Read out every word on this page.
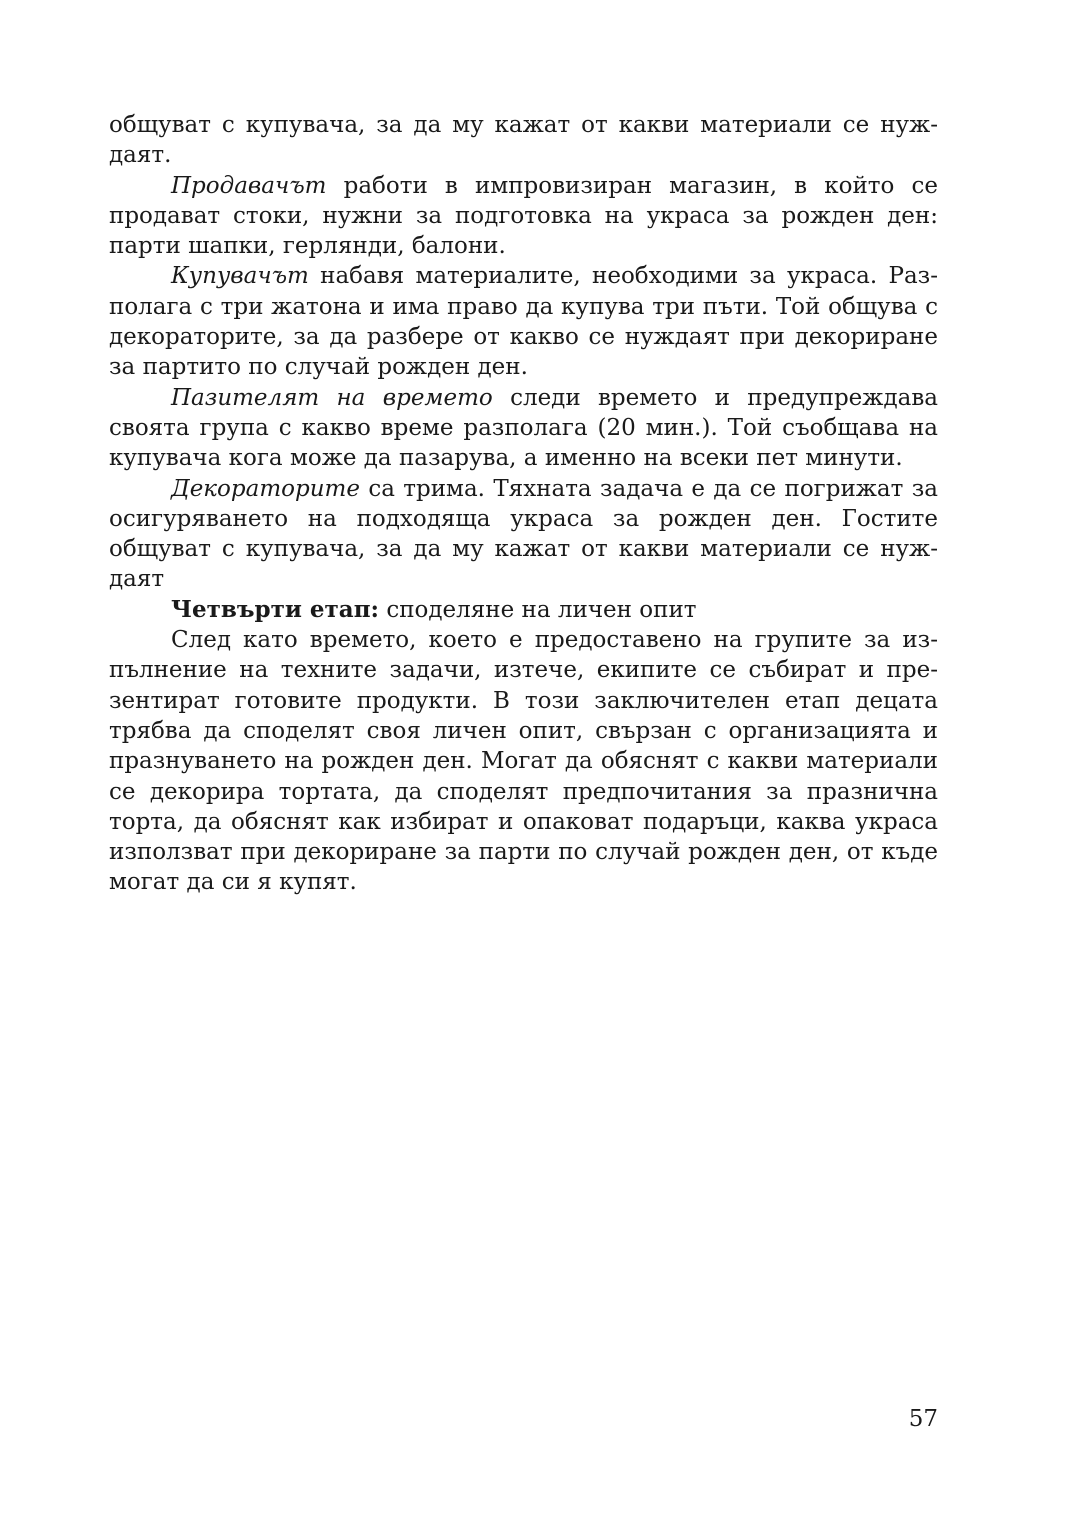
общуват с купувача, за да му кажат от какви материали се нуждаят.

Продавачът работи в импровизиран магазин, в който се продават стоки, нужни за подготовка на украса за рожден ден: парти шапки, герлянди, балони.

Купувачът набавя материалите, необходими за украса. Разполага с три жатона и има право да купува три пъти. Той общува с декораторите, за да разбере от какво се нуждаят при декориране за партито по случай рожден ден.

Пазителят на времето следи времето и предупреждава своята група с какво време разполага (20 мин.). Той съобщава на купувача кога може да пазарува, а именно на всеки пет минути.

Декораторите са трима. Тяхната задача е да се погрижат за осигуряването на подходяща украса за рожден ден. Гостите общуват с купувача, за да му кажат от какви материали се нуждаят

Четвърти етап: споделяне на личен опит

След като времето, което е предоставено на групите за изпълнение на техните задачи, изтече, екипите се събират и презентират готовите продукти. В този заключителен етап децата трябва да споделят своя личен опит, свързан с организацията и празнуването на рожден ден. Могат да обяснят с какви материали се декорира тортата, да споделят предпочитания за празнична торта, да обяснят как избират и опаковат подаръци, каква украса използват при декориране за парти по случай рожден ден, от къде могат да си я купят.

57
